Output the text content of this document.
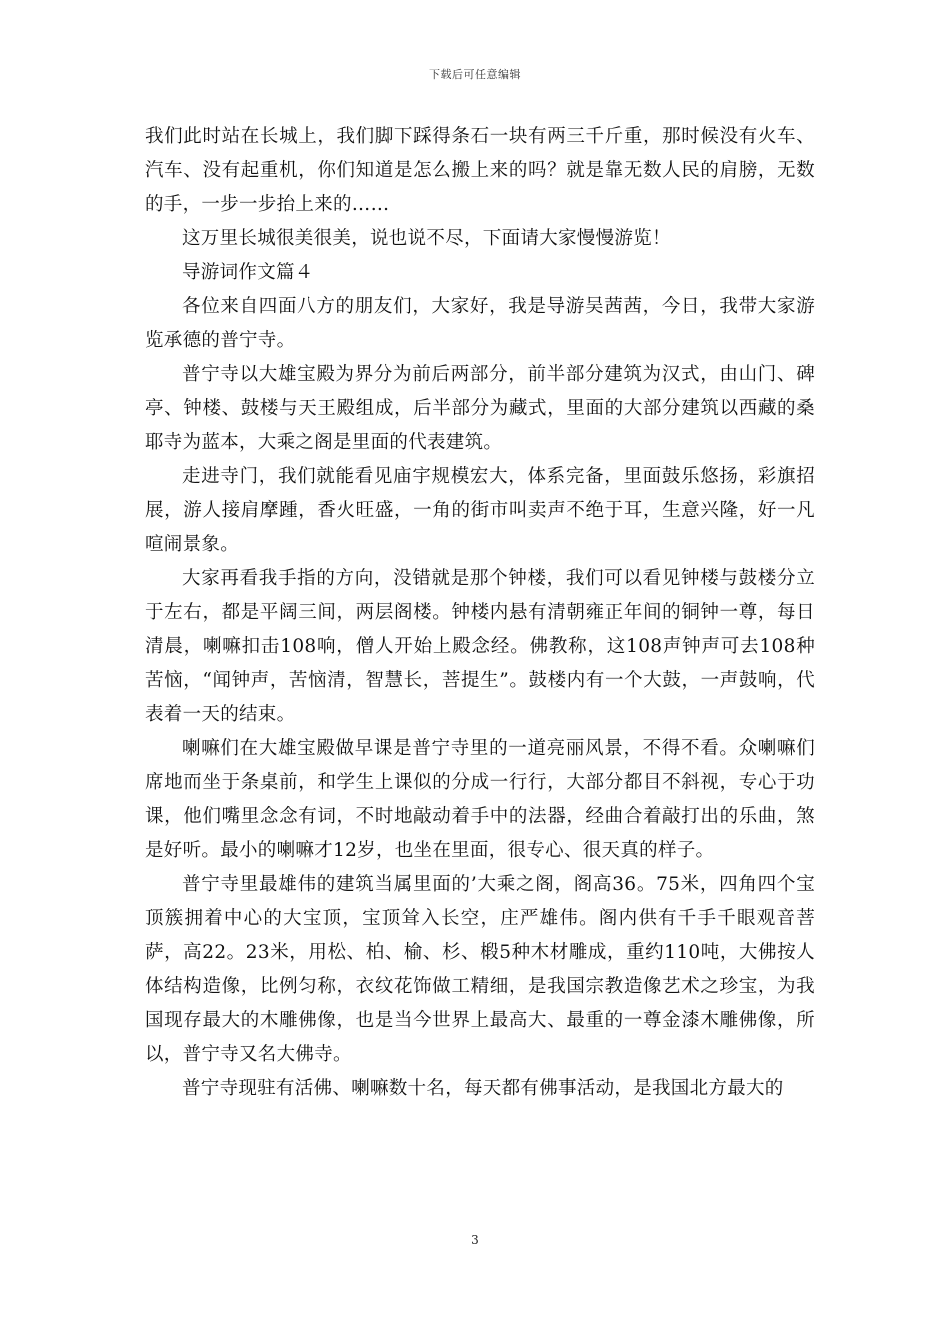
下载后可任意编辑

我们此时站在长城上，我们脚下踩得条石一块有两三千斤重，那时候没有火车、汽车、没有起重机，你们知道是怎么搬上来的吗？就是靠无数人民的肩膀，无数的手，一步一步抬上来的……

这万里长城很美很美，说也说不尽，下面请大家慢慢游览！

导游词作文篇４

各位来自四面八方的朋友们，大家好，我是导游吴茜茜，今日，我带大家游览承德的普宁寺。

普宁寺以大雄宝殿为界分为前后两部分，前半部分建筑为汉式，由山门、碑亭、钟楼、鼓楼与天王殿组成，后半部分为藏式，里面的大部分建筑以西藏的桑耶寺为蓝本，大乘之阁是里面的代表建筑。

走进寺门，我们就能看见庙宇规模宏大，体系完备，里面鼓乐悠扬，彩旗招展，游人接肩摩踵，香火旺盛，一角的街市叫卖声不绝于耳，生意兴隆，好一凡喧闹景象。

大家再看我手指的方向，没错就是那个钟楼，我们可以看见钟楼与鼓楼分立于左右，都是平阔三间，两层阁楼。钟楼内悬有清朝雍正年间的铜钟一尊，每日清晨，喇嘛扣击108响，僧人开始上殿念经。佛教称，这108声钟声可去108种苦恼，“闻钟声，苦恼清，智慧长，菩提生”。鼓楼内有一个大鼓，一声鼓响，代表着一天的结束。

喇嘛们在大雄宝殿做早课是普宁寺里的一道亮丽风景，不得不看。众喇嘛们席地而坐于条桌前，和学生上课似的分成一行行，大部分都目不斜视，专心于功课，他们嘴里念念有词，不时地敲动着手中的法器，经曲合着敲打出的乐曲，煞是好听。最小的喇嘛才12岁，也坐在里面，很专心、很天真的样子。

普宁寺里最雄伟的建筑当属里面的’大乘之阁，阁高36。75米，四角四个宝顶簇拥着中心的大宝顶，宝顶耸入长空，庄严雄伟。阁内供有千手千眼观音菩萨，高22。23米，用松、柏、榆、杉、椴5种木材雕成，重约110吨，大佛按人体结构造像，比例匀称，衣纹花饰做工精细，是我国宗教造像艺术之珍宝，为我国现存最大的木雕佛像，也是当今世界上最高大、最重的一尊金漆木雕佛像，所以，普宁寺又名大佛寺。

普宁寺现驻有活佛、喇嘛数十名，每天都有佛事活动，是我国北方最大的

3
